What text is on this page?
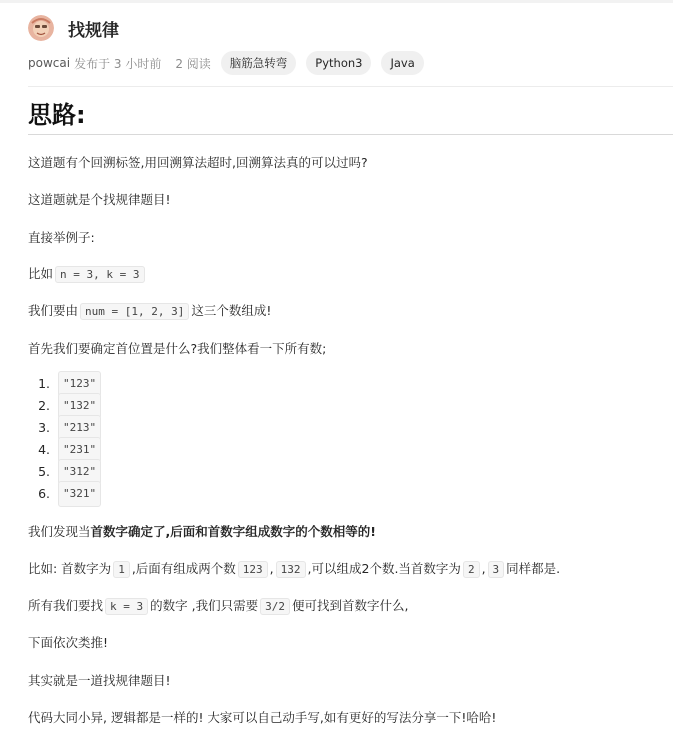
找规律
powcai 发布于 3 小时前 2 阅读	脑筋急转弯	Python3	Java
思路:

这道题有个回溯标签,用回溯算法超时,回溯算法真的可以过吗?

这道题就是个找规律题目!

直接举例子:

比如 n = 3, k = 3

我们要由 num = [1, 2, 3] 这三个数组成!

首先我们要确定首位置是什么?我们整体看一下所有数;

1.	"123"
2.	"132"
3.	"213"
4.	"231"
5.	"312"
6.	"321"

我们发现当首数字确定了,后面和首数字组成数字的个数相等的!

比如: 首数字为 1 ,后面有组成两个数 123 , 132 ,可以组成2个数.当首数字为 2 , 3 同样都是.

所有我们要找 k = 3 的数字 ,我们只需要 3/2 便可找到首数字什么,

下面依次类推!

其实就是一道找规律题目!

代码大同小异, 逻辑都是一样的! 大家可以自己动手写,如有更好的写法分享一下!哈哈!
